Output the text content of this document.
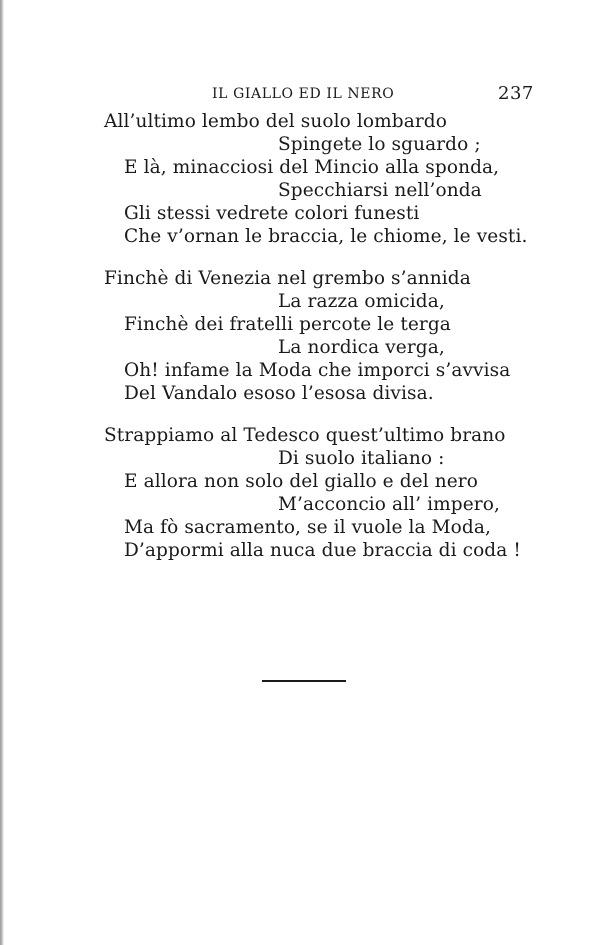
IL GIALLO ED IL NERO	237
All’ultimo lembo del suolo lombardo
Spingete lo sguardo ;
E là, minacciosi del Mincio alla sponda,
Specchiarsi nell’onda
Gli stessi vedrete colori funesti
Che v’ornan le braccia, le chiome, le vesti.
Finchè di Venezia nel grembo s’annida
La razza omicida,
Finchè dei fratelli percote le terga
La nordica verga,
Oh! infame la Moda che imporci s’avvisa
Del Vandalo esoso l’esosa divisa.
Strappiamo al Tedesco quest’ultimo brano
Di suolo italiano :
E allora non solo del giallo e del nero
M’acconcio all’ impero,
Ma fò sacramento, se il vuole la Moda,
D’appormi alla nuca due braccia di coda !
